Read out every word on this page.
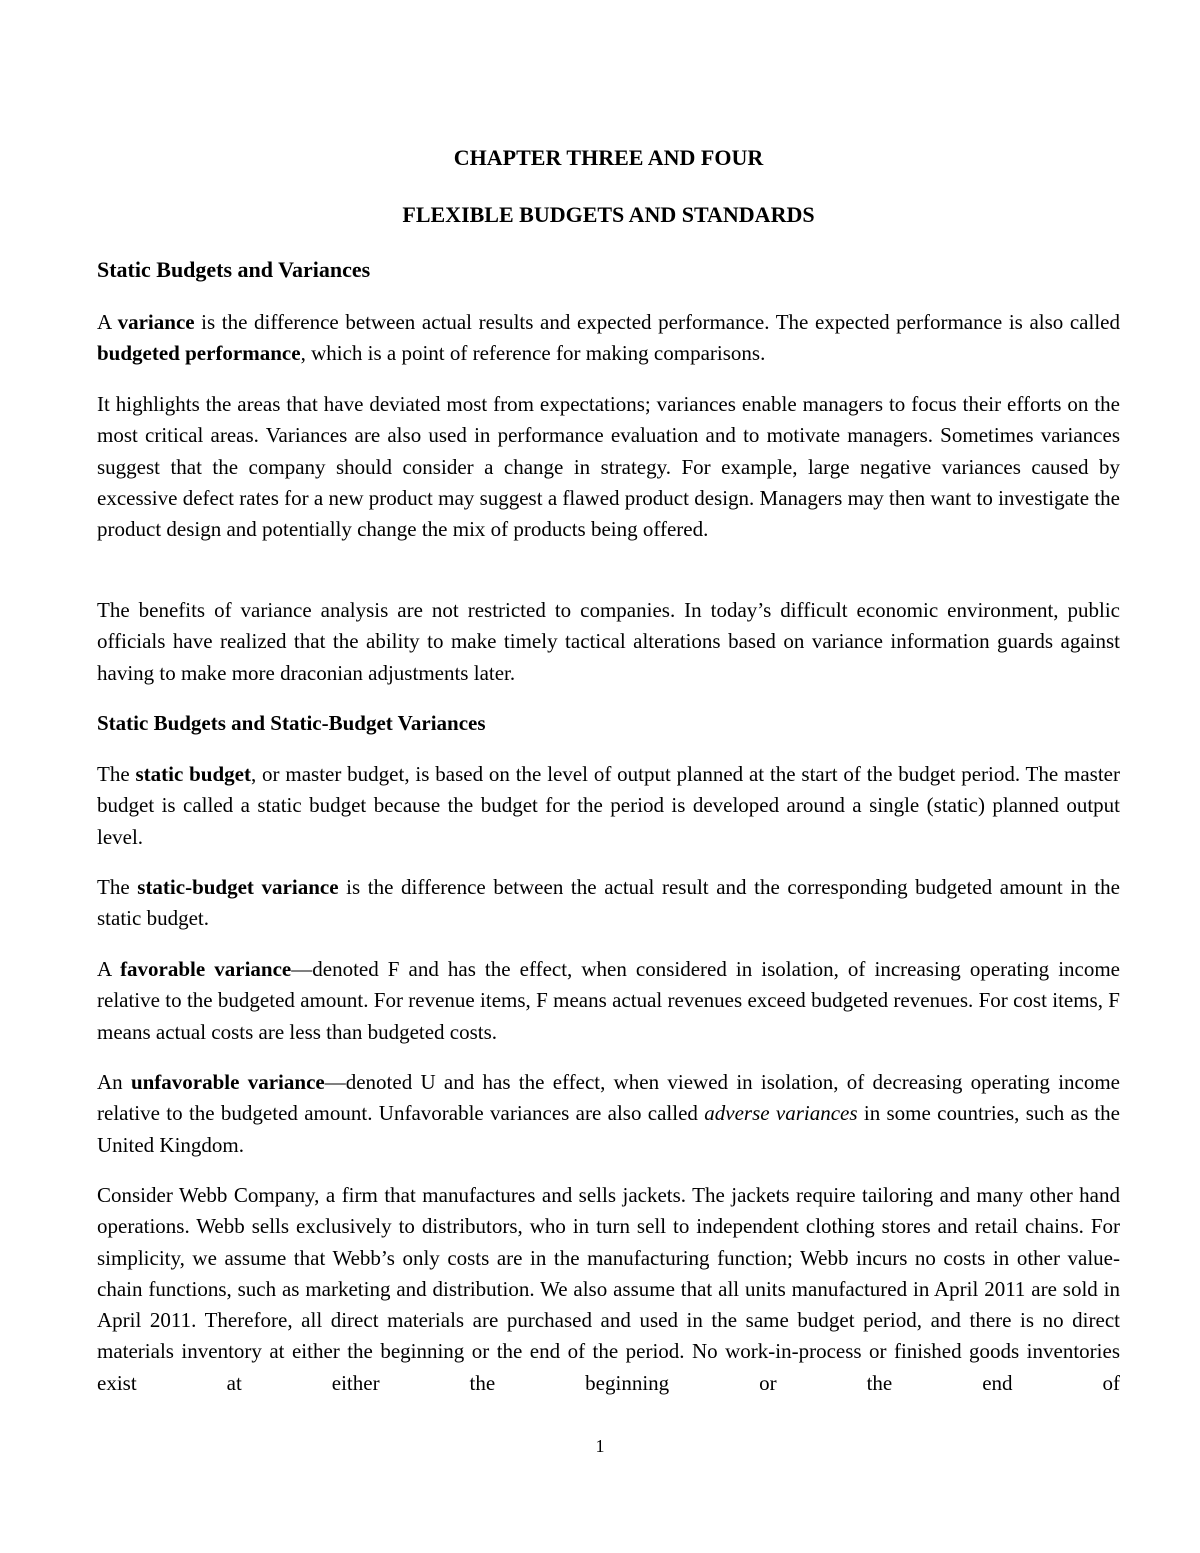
CHAPTER THREE AND FOUR
FLEXIBLE BUDGETS AND STANDARDS
Static Budgets and Variances

A variance is the difference between actual results and expected performance. The expected performance is also called budgeted performance, which is a point of reference for making comparisons.

It highlights the areas that have deviated most from expectations; variances enable managers to focus their efforts on the most critical areas. Variances are also used in performance evaluation and to motivate managers. Sometimes variances suggest that the company should consider a change in strategy. For example, large negative variances caused by excessive defect rates for a new product may suggest a flawed product design. Managers may then want to investigate the product design and potentially change the mix of products being offered.

The benefits of variance analysis are not restricted to companies. In today’s difficult economic environment, public officials have realized that the ability to make timely tactical alterations based on variance information guards against having to make more draconian adjustments later.

Static Budgets and Static-Budget Variances

The static budget, or master budget, is based on the level of output planned at the start of the budget period. The master budget is called a static budget because the budget for the period is developed around a single (static) planned output level.

The static-budget variance is the difference between the actual result and the corresponding budgeted amount in the static budget.

A favorable variance—denoted F and has the effect, when considered in isolation, of increasing operating income relative to the budgeted amount. For revenue items, F means actual revenues exceed budgeted revenues. For cost items, F means actual costs are less than budgeted costs.

An unfavorable variance—denoted U and has the effect, when viewed in isolation, of decreasing operating income relative to the budgeted amount. Unfavorable variances are also called adverse variances in some countries, such as the United Kingdom.

Consider Webb Company, a firm that manufactures and sells jackets. The jackets require tailoring and many other hand operations. Webb sells exclusively to distributors, who in turn sell to independent clothing stores and retail chains. For simplicity, we assume that Webb’s only costs are in the manufacturing function; Webb incurs no costs in other value-chain functions, such as marketing and distribution. We also assume that all units manufactured in April 2011 are sold in April 2011. Therefore, all direct materials are purchased and used in the same budget period, and there is no direct materials inventory at either the beginning or the end of the period. No work-in-process or finished goods inventories exist at either the beginning or the end of

1
